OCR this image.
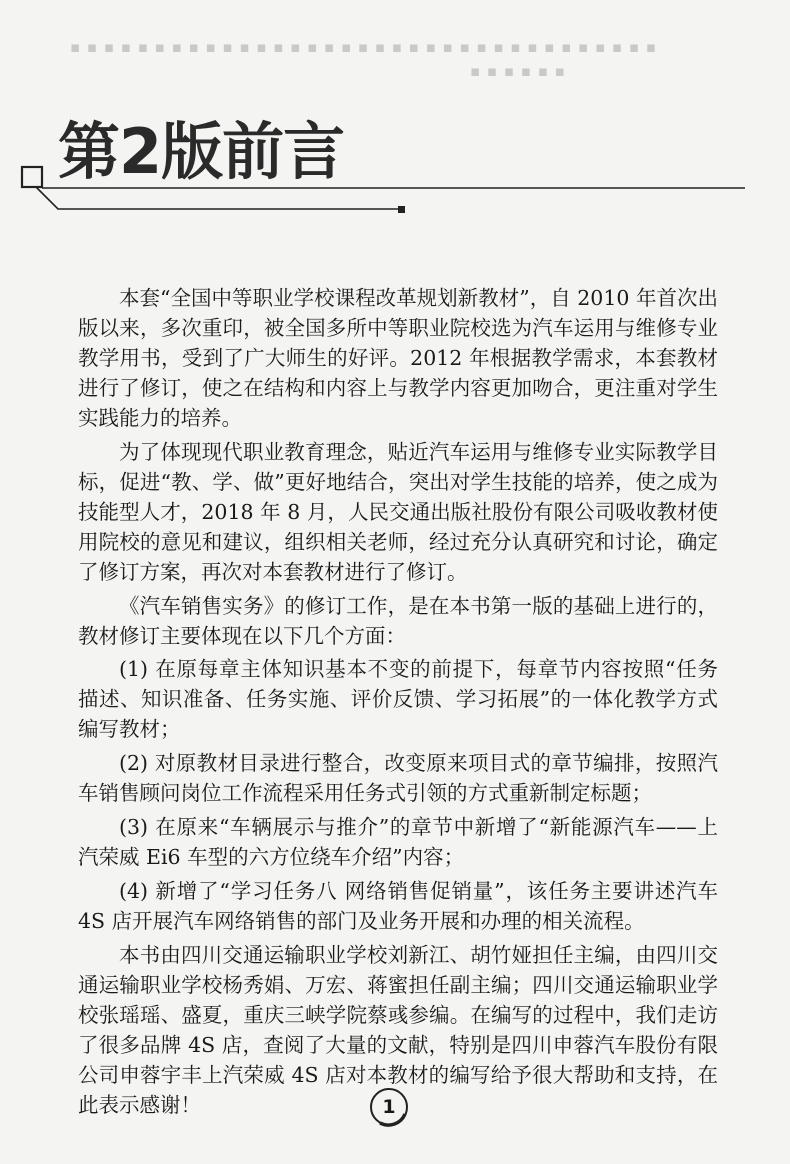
▪ ▪ ▪ ▪ ▪ ▪ ▪ ▪ ▪ ▪ ▪ ▪ ▪ ▪ ▪ ▪ ▪ ▪ ▪ ▪ ▪ ▪ ▪ ▪ ▪ ▪ ▪ ▪ ▪ ▪ ▪ ▪ ▪ ▪ ▪
▪ ▪ ▪ ▪ ▪ ▪
第2版前言

本套“全国中等职业学校课程改革规划新教材”，自 2010 年首次出版以来，多次重印，被全国多所中等职业院校选为汽车运用与维修专业教学用书，受到了广大师生的好评。2012 年根据教学需求，本套教材进行了修订，使之在结构和内容上与教学内容更加吻合，更注重对学生实践能力的培养。

为了体现现代职业教育理念，贴近汽车运用与维修专业实际教学目标，促进“教、学、做”更好地结合，突出对学生技能的培养，使之成为技能型人才，2018 年 8 月，人民交通出版社股份有限公司吸收教材使用院校的意见和建议，组织相关老师，经过充分认真研究和讨论，确定了修订方案，再次对本套教材进行了修订。

《汽车销售实务》的修订工作，是在本书第一版的基础上进行的，教材修订主要体现在以下几个方面：

(1) 在原每章主体知识基本不变的前提下，每章节内容按照“任务描述、知识准备、任务实施、评价反馈、学习拓展”的一体化教学方式编写教材；

(2) 对原教材目录进行整合，改变原来项目式的章节编排，按照汽车销售顾问岗位工作流程采用任务式引领的方式重新制定标题；

(3) 在原来“车辆展示与推介”的章节中新增了“新能源汽车——上汽荣威 Ei6 车型的六方位绕车介绍”内容；

(4) 新增了“学习任务八 网络销售促销量”，该任务主要讲述汽车 4S 店开展汽车网络销售的部门及业务开展和办理的相关流程。

本书由四川交通运输职业学校刘新江、胡竹娅担任主编，由四川交通运输职业学校杨秀娟、万宏、蒋蜜担任副主编；四川交通运输职业学校张瑶瑶、盛夏，重庆三峡学院蔡彧参编。在编写的过程中，我们走访了很多品牌 4S 店，查阅了大量的文献，特别是四川申蓉汽车股份有限公司申蓉宇丰上汽荣威 4S 店对本教材的编写给予很大帮助和支持，在此表示感谢！	1
